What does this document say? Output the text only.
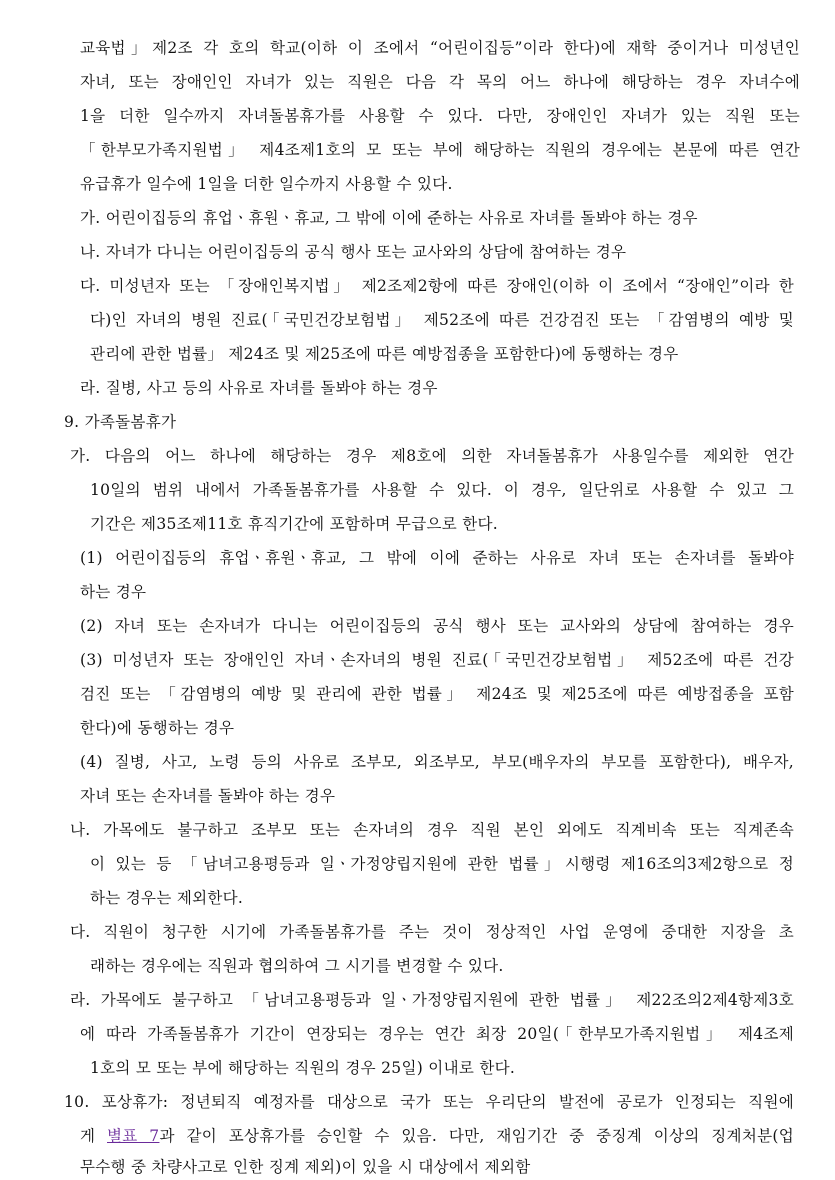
교육법」제2조 각 호의 학교(이하 이 조에서 “어린이집등”이라 한다)에 재학 중이거나 미성년인
자녀, 또는 장애인인 자녀가 있는 직원은 다음 각 목의 어느 하나에 해당하는 경우 자녀수에
1을 더한 일수까지 자녀돌봄휴가를 사용할 수 있다. 다만, 장애인인 자녀가 있는 직원 또는
「한부모가족지원법」 제4조제1호의 모 또는 부에 해당하는 직원의 경우에는 본문에 따른 연간
유급휴가 일수에 1일을 더한 일수까지 사용할 수 있다.
가. 어린이집등의 휴업ㆍ휴원ㆍ휴교, 그 밖에 이에 준하는 사유로 자녀를 돌봐야 하는 경우
나. 자녀가 다니는 어린이집등의 공식 행사 또는 교사와의 상담에 참여하는 경우
다. 미성년자 또는 「장애인복지법」 제2조제2항에 따른 장애인(이하 이 조에서 “장애인”이라 한
다)인 자녀의 병원 진료(「국민건강보험법」 제52조에 따른 건강검진 또는 「감염병의 예방 및
관리에 관한 법률」 제24조 및 제25조에 따른 예방접종을 포함한다)에 동행하는 경우
라. 질병, 사고 등의 사유로 자녀를 돌봐야 하는 경우
9. 가족돌봄휴가
가. 다음의 어느 하나에 해당하는 경우 제8호에 의한 자녀돌봄휴가 사용일수를 제외한 연간
10일의 범위 내에서 가족돌봄휴가를 사용할 수 있다. 이 경우, 일단위로 사용할 수 있고 그
기간은 제35조제11호 휴직기간에 포함하며 무급으로 한다.
(1) 어린이집등의 휴업ㆍ휴원ㆍ휴교, 그 밖에 이에 준하는 사유로 자녀 또는 손자녀를 돌봐야
하는 경우
(2) 자녀 또는 손자녀가 다니는 어린이집등의 공식 행사 또는 교사와의 상담에 참여하는 경우
(3) 미성년자 또는 장애인인 자녀ㆍ손자녀의 병원 진료(「국민건강보험법」 제52조에 따른 건강
검진 또는 「감염병의 예방 및 관리에 관한 법률」 제24조 및 제25조에 따른 예방접종을 포함
한다)에 동행하는 경우
(4) 질병, 사고, 노령 등의 사유로 조부모, 외조부모, 부모(배우자의 부모를 포함한다), 배우자,
자녀 또는 손자녀를 돌봐야 하는 경우
나. 가목에도 불구하고 조부모 또는 손자녀의 경우 직원 본인 외에도 직계비속 또는 직계존속
이 있는 등 「남녀고용평등과 일ㆍ가정양립지원에 관한 법률」시행령 제16조의3제2항으로 정
하는 경우는 제외한다.
다. 직원이 청구한 시기에 가족돌봄휴가를 주는 것이 정상적인 사업 운영에 중대한 지장을 초
래하는 경우에는 직원과 협의하여 그 시기를 변경할 수 있다.
라. 가목에도 불구하고 「남녀고용평등과 일ㆍ가정양립지원에 관한 법률」 제22조의2제4항제3호
에 따라 가족돌봄휴가 기간이 연장되는 경우는 연간 최장 20일(「한부모가족지원법」 제4조제
1호의 모 또는 부에 해당하는 직원의 경우 25일) 이내로 한다.
10. 포상휴가: 정년퇴직 예정자를 대상으로 국가 또는 우리단의 발전에 공로가 인정되는 직원에
게 별표 7과 같이 포상휴가를 승인할 수 있음. 다만, 재임기간 중 중징계 이상의 징계처분(업
무수행 중 차량사고로 인한 징계 제외)이 있을 시 대상에서 제외함
